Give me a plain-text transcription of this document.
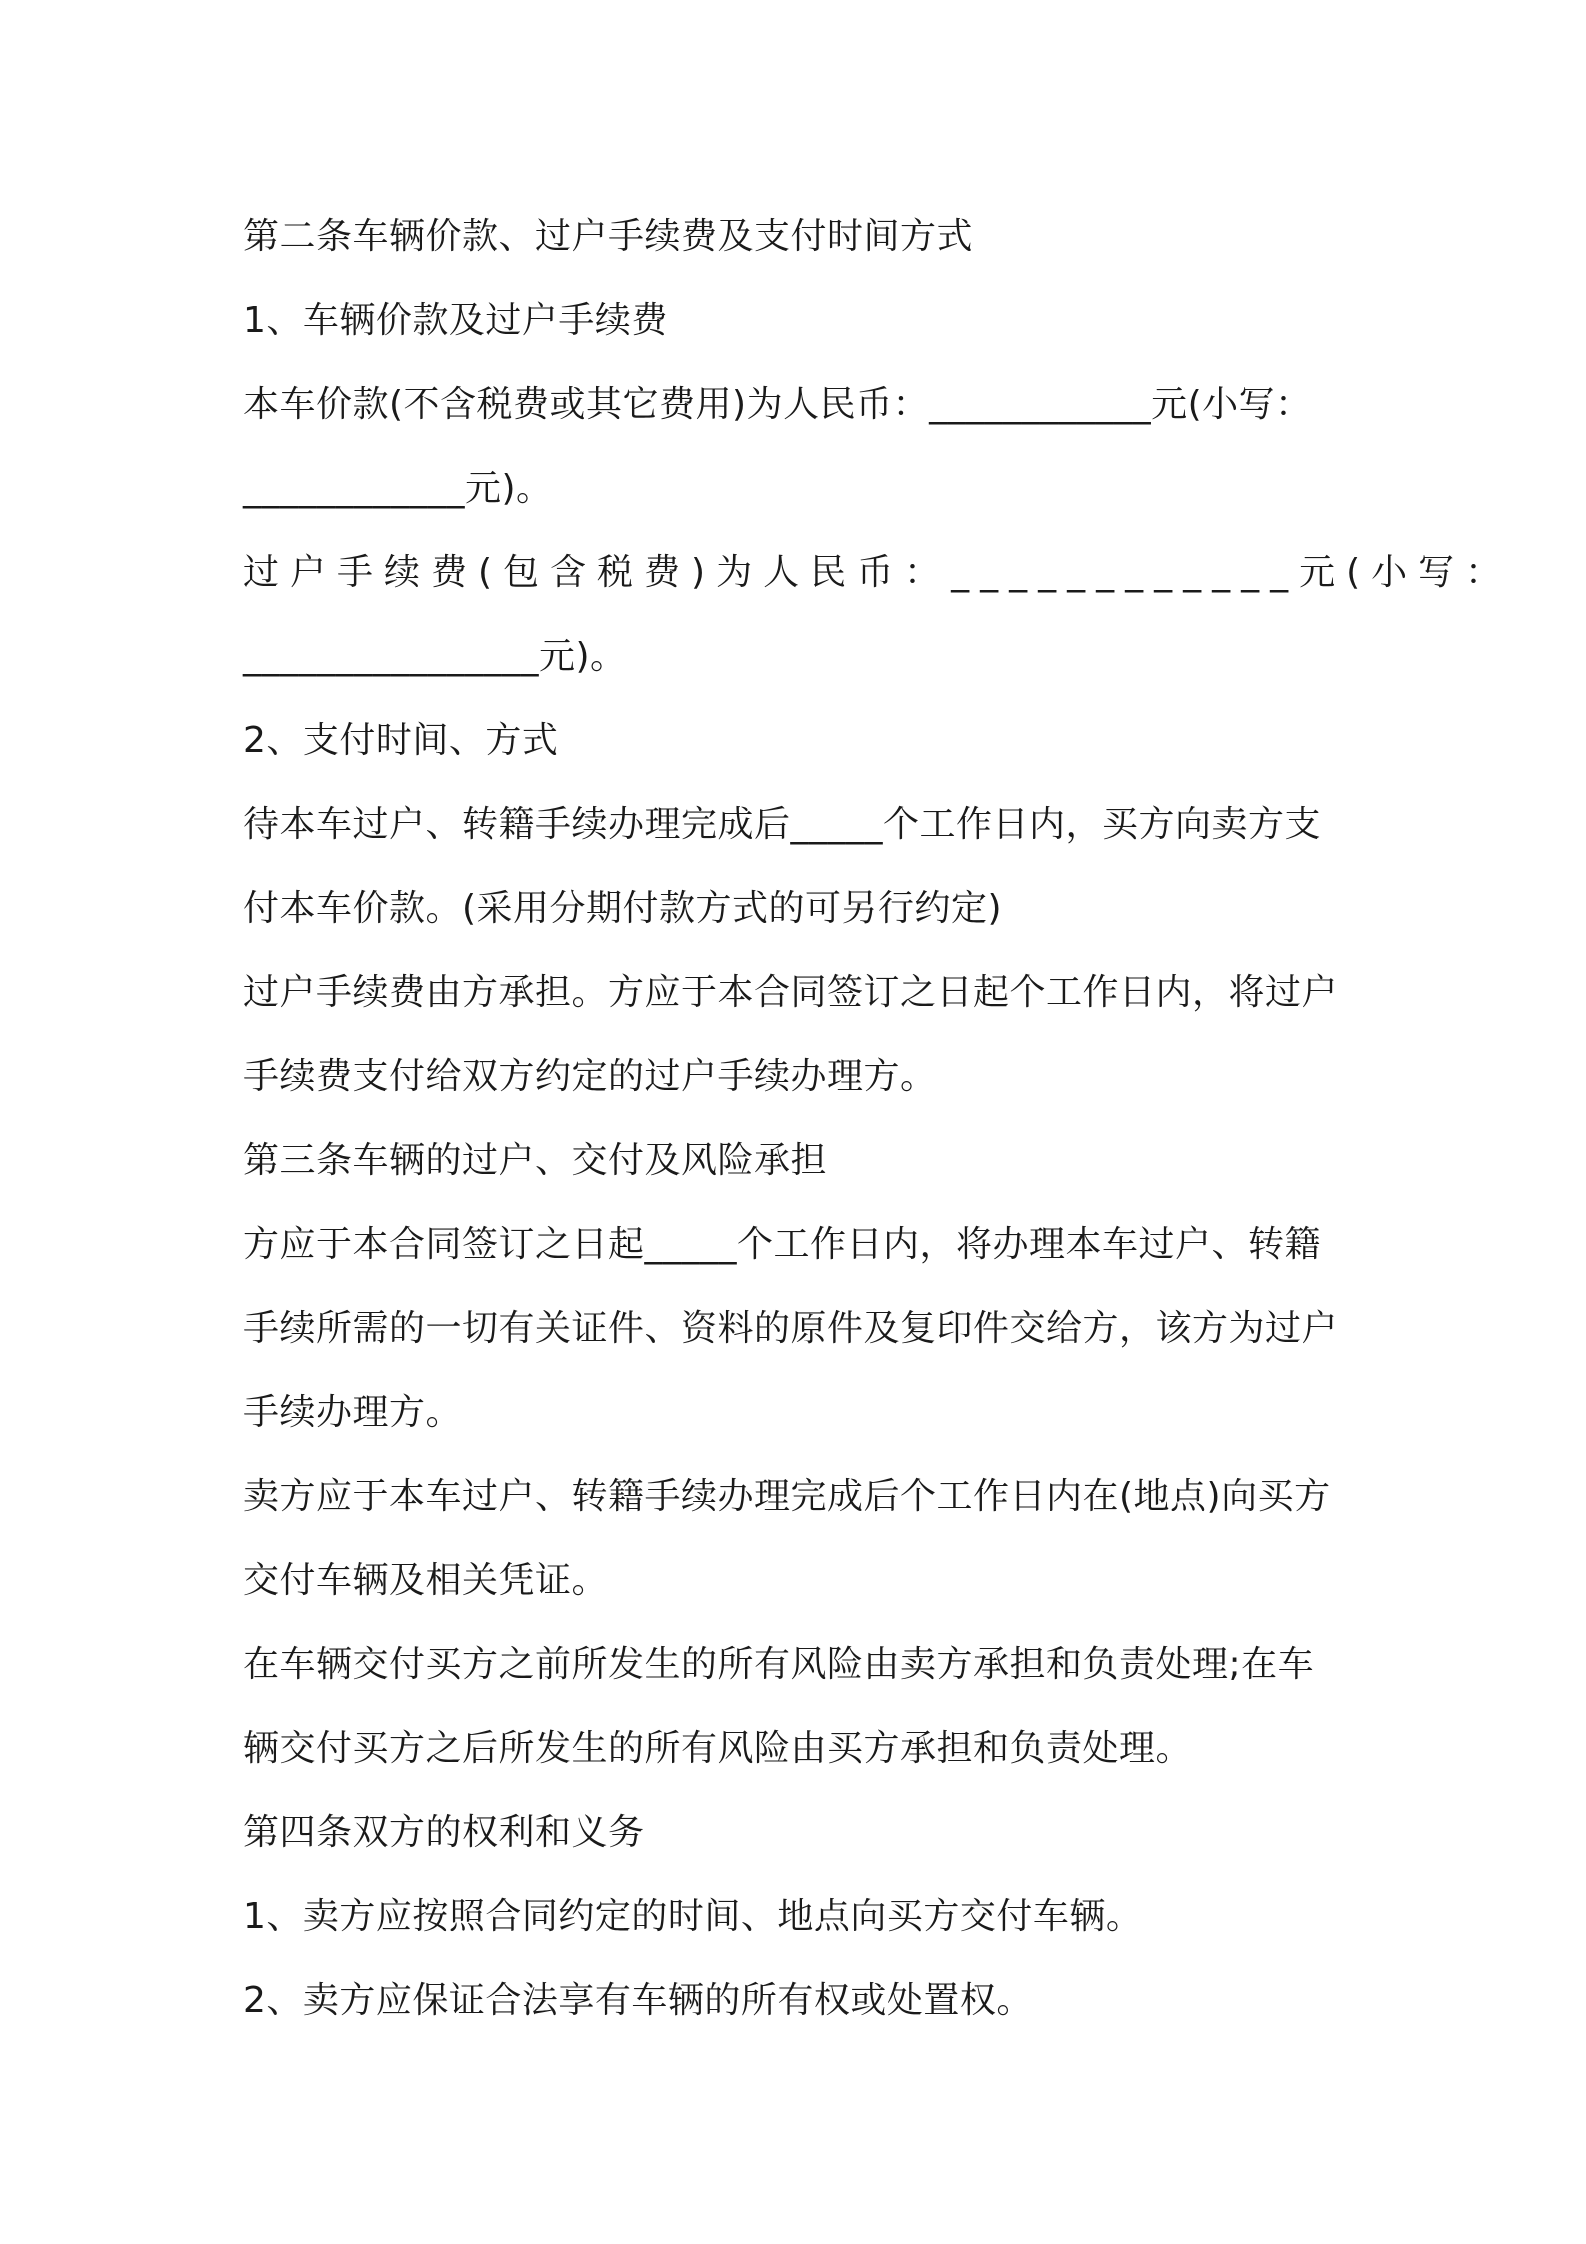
第二条车辆价款、过户手续费及支付时间方式
1、车辆价款及过户手续费
本车价款(不含税费或其它费用)为人民币：____________元(小写：
____________元)。
过户手续费(包含税费)为人民币：____________元(小写：
________________元)。
2、支付时间、方式
待本车过户、转籍手续办理完成后_____个工作日内，买方向卖方支
付本车价款。(采用分期付款方式的可另行约定)
过户手续费由方承担。方应于本合同签订之日起个工作日内，将过户
手续费支付给双方约定的过户手续办理方。
第三条车辆的过户、交付及风险承担
方应于本合同签订之日起_____个工作日内，将办理本车过户、转籍
手续所需的一切有关证件、资料的原件及复印件交给方，该方为过户
手续办理方。
卖方应于本车过户、转籍手续办理完成后个工作日内在(地点)向买方
交付车辆及相关凭证。
在车辆交付买方之前所发生的所有风险由卖方承担和负责处理;在车
辆交付买方之后所发生的所有风险由买方承担和负责处理。
第四条双方的权利和义务
1、卖方应按照合同约定的时间、地点向买方交付车辆。
2、卖方应保证合法享有车辆的所有权或处置权。
